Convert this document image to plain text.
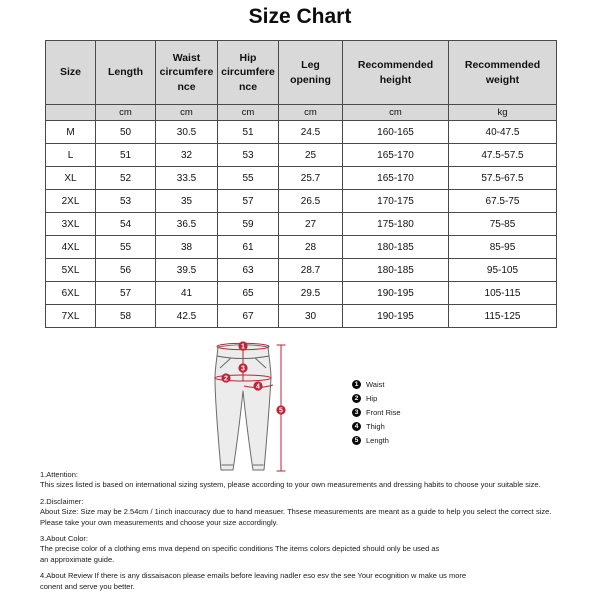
Size Chart
Size	Length	Waist circumference	Hip circumference	Leg opening	Recommended height	Recommended weight
	cm	cm	cm	cm	cm	kg
M	50	30.5	51	24.5	160-165	40-47.5
L	51	32	53	25	165-170	47.5-57.5
XL	52	33.5	55	25.7	165-170	57.5-67.5
2XL	53	35	57	26.5	170-175	67.5-75
3XL	54	36.5	59	27	175-180	75-85
4XL	55	38	61	28	180-185	85-95
5XL	56	39.5	63	28.7	180-185	95-105
6XL	57	41	65	29.5	190-195	105-115
7XL	58	42.5	67	30	190-195	115-125
1
2
3
4
5
1	Waist
2	Hip
3	Front Rise
4	Thigh
5	Length
1.Attention:
This sizes listed is based on international sizing system, please according to your own measurements and dressing habits to choose your suitable size.
2.Disclaimer:
About Size: Size may be 2.54cm / 1inch inaccuracy due to hand measuer. Thsese measurements are meant as a guide to help you select the correct size.
Please take your own measurements and choose your size accordingly.
3.About Color:
The precise color of a clothing ems mva depend on specific conditions The items colors depicted should only be used as
an approximate guide.
4.About Review If there is any dissaisacon please emails before leaving nadler eso esv the see Your ecognition w make us more
conent and serve you better.
